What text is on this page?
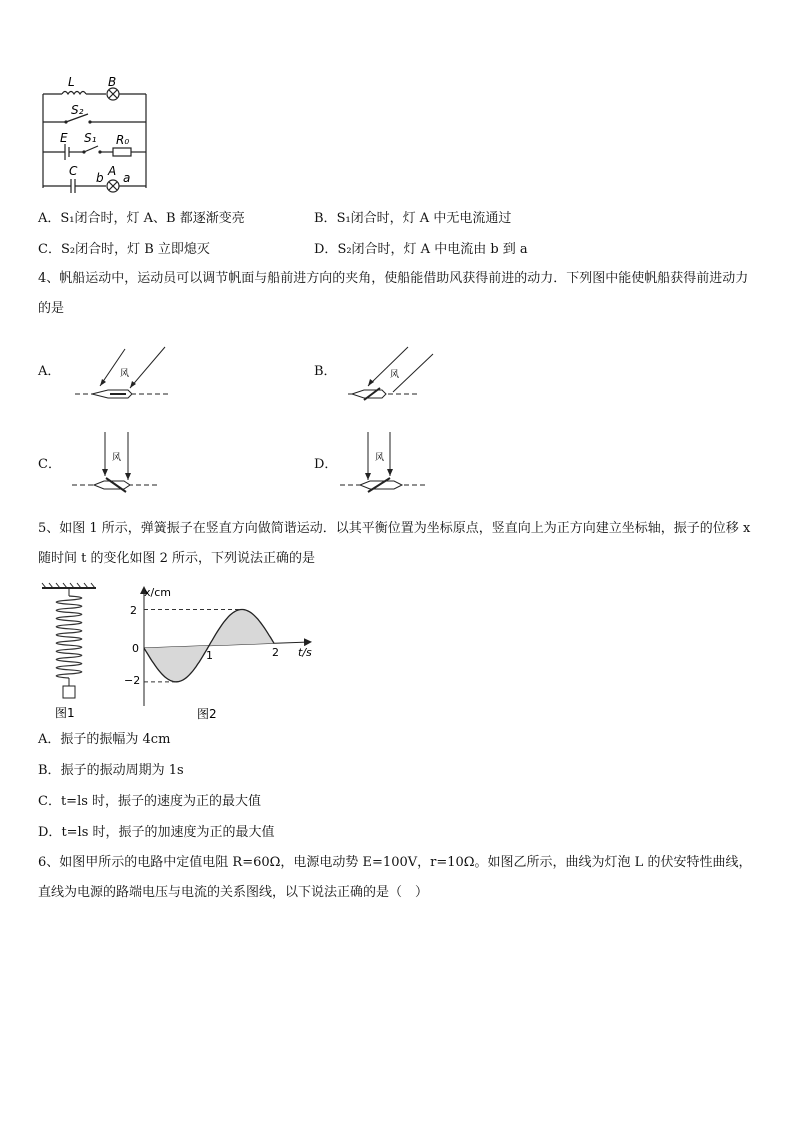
L	B
S₂
E S₁ R₀
C b A a
A．S₁闭合时，灯 A、B 都逐渐变亮	B．S₁闭合时，灯 A 中无电流通过
C．S₂闭合时，灯 B 立即熄灭	D．S₂闭合时，灯 A 中电流由 b 到 a
4、帆船运动中，运动员可以调节帆面与船前进方向的夹角，使船能借助风获得前进的动力．下列图中能使帆船获得前进动力的是
A．	风	B．	风
C．	风	D．	风
5、如图 1 所示，弹簧振子在竖直方向做简谐运动．以其平衡位置为坐标原点，竖直向上为正方向建立坐标轴，振子的位移 x 随时间 t 的变化如图 2 所示，下列说法正确的是
图1
x/cm
t/s
2
0
−2
1	2
图2
A．振子的振幅为 4cm
B．振子的振动周期为 1s
C．t=ls 时，振子的速度为正的最大值
D．t=ls 时，振子的加速度为正的最大值
6、如图甲所示的电路中定值电阻 R=60Ω，电源电动势 E=100V，r=10Ω。如图乙所示，曲线为灯泡 L 的伏安特性曲线，直线为电源的路端电压与电流的关系图线，以下说法正确的是（　）
